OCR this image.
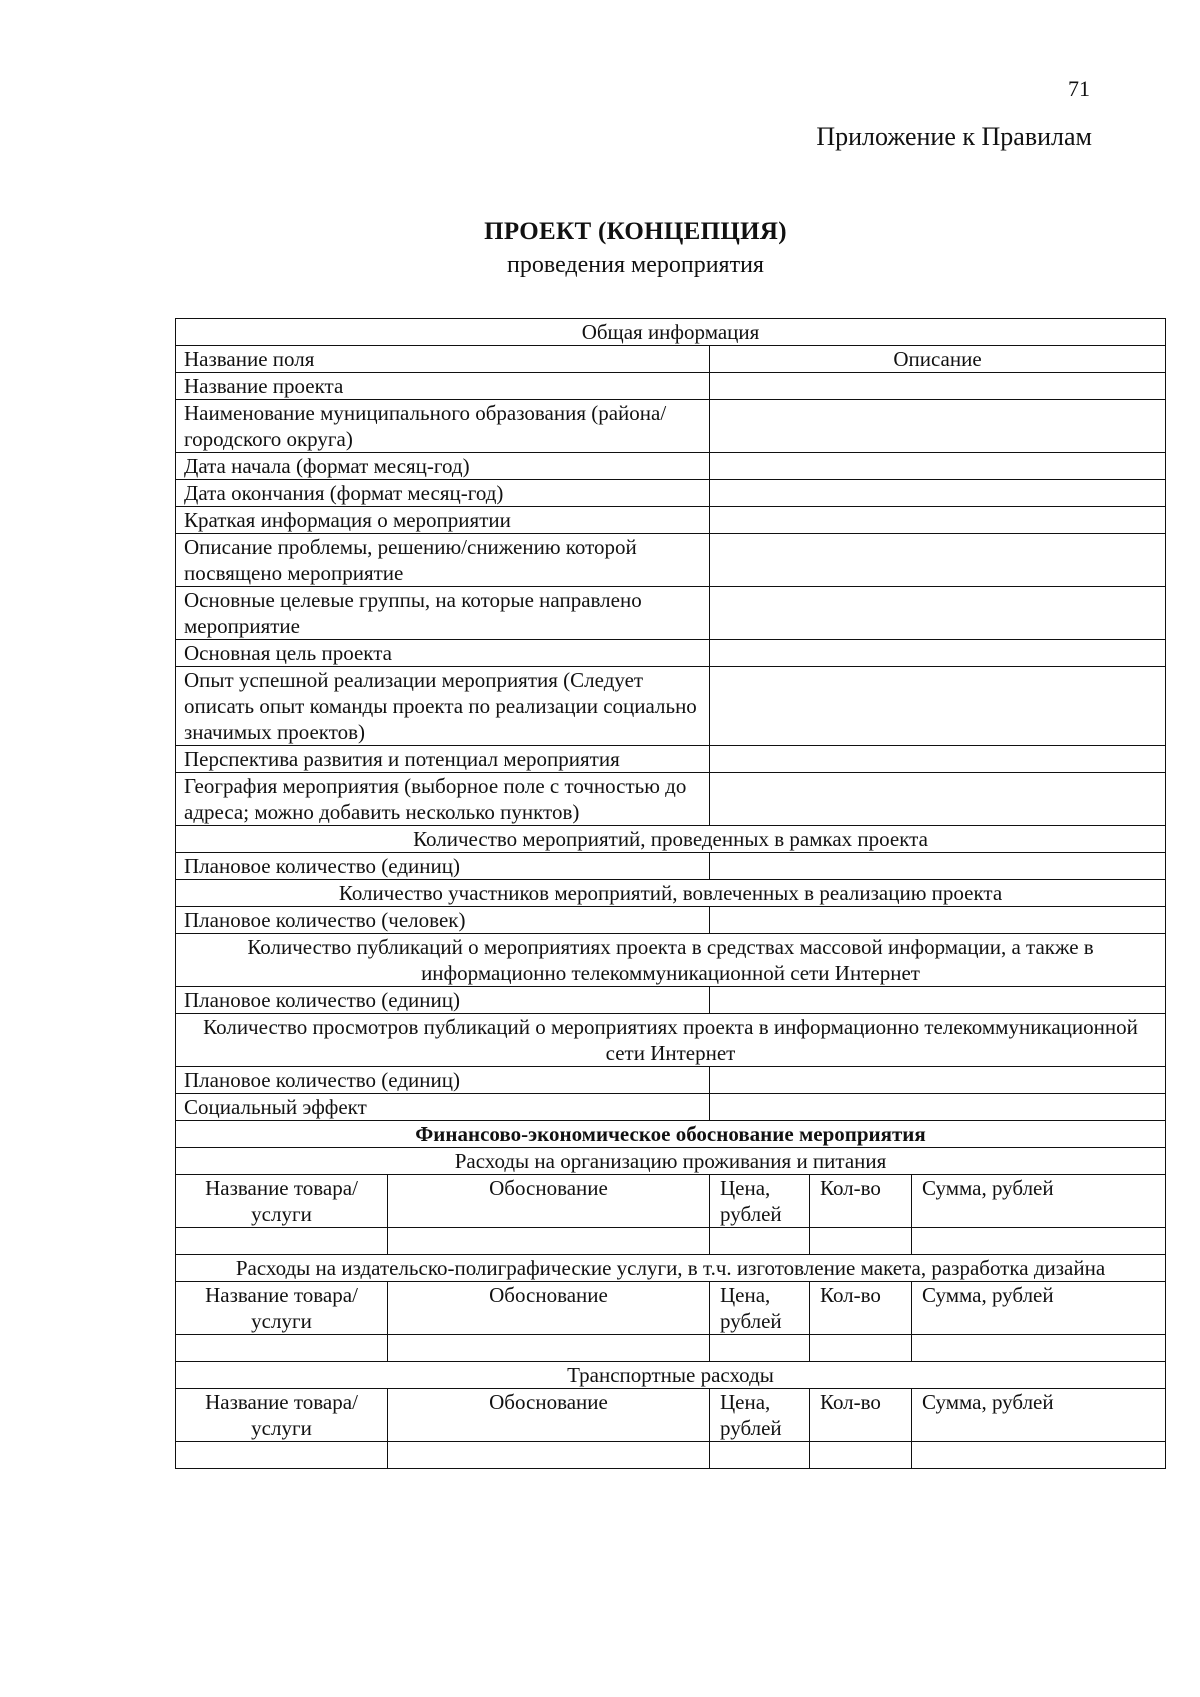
71
Приложение к Правилам
ПРОЕКТ (КОНЦЕПЦИЯ)
проведения мероприятия
Общая информация				
Название поля		Описание		
Название проекта				
Наименование муниципального образования (района/городского округа)				
Дата начала (формат месяц-год)				
Дата окончания (формат месяц-год)				
Краткая информация о мероприятии				
Описание проблемы, решению/снижению которой посвящено мероприятие				
Основные целевые группы, на которые направлено мероприятие				
Основная цель проекта				
Опыт успешной реализации мероприятия (Следует описать опыт команды проекта по реализации социально значимых проектов)				
Перспектива развития и потенциал мероприятия				
География мероприятия (выборное поле с точностью до адреса; можно добавить несколько пунктов)				
Количество мероприятий, проведенных в рамках проекта				
Плановое количество (единиц)				
Количество участников мероприятий, вовлеченных в реализацию проекта				
Плановое количество (человек)				
Количество публикаций о мероприятиях проекта в средствах массовой информации, а также в информационно телекоммуникационной сети Интернет				
Плановое количество (единиц)				
Количество просмотров публикаций о мероприятиях проекта в информационно телекоммуникационной сети Интернет				
Плановое количество (единиц)				
Социальный эффект				
Финансово-экономическое обоснование мероприятия				
Расходы на организацию проживания и питания				
Название товара/услуги	Обоснование	Цена, рублей	Кол-во	Сумма, рублей

Расходы на издательско-полиграфические услуги, в т.ч. изготовление макета, разработка дизайна				
Название товара/услуги	Обоснование	Цена, рублей	Кол-во	Сумма, рублей

Транспортные расходы				
Название товара/услуги	Обоснование	Цена, рублей	Кол-во	Сумма, рублей
